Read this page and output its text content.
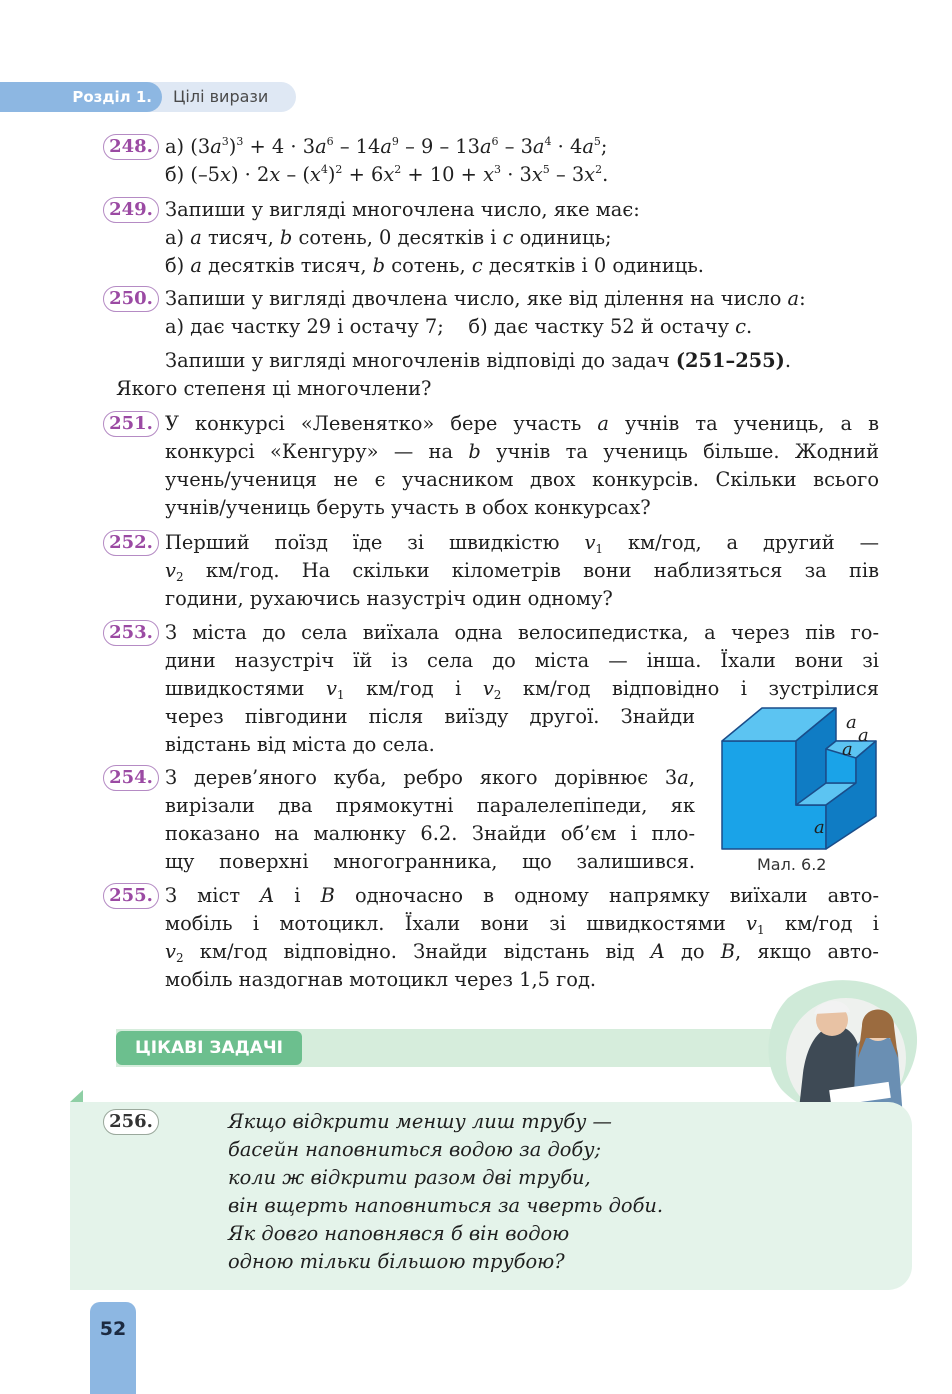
Розділ 1.	Цілі вирази
248. а) $(3a^3)^3 + 4 \cdot 3a^6 - 14a^9 - 9 - 13a^6 - 3a^4 \cdot 4a^5$;
б) $(-5x) \cdot 2x - (x^4)^2 + 6x^2 + 10 + x^3 \cdot 3x^5 - 3x^2$.
249. Запиши у вигляді многочлена число, яке має:
а) a тисяч, b сотень, 0 десятків і c одиниць;
б) a десятків тисяч, b сотень, c десятків і 0 одиниць.
250. Запиши у вигляді двочлена число, яке від ділення на число a:
а) дає частку 29 і остачу 7;    б) дає частку 52 й остачу c.
Запиши у вигляді многочленів відповіді до задач (251–255).
Якого степеня ці многочлени?
251. У конкурсі «Левенятко» бере участь a учнів та учениць, а в
конкурсі «Кенгуру» — на b учнів та учениць більше. Жодний
учень/учениця не є учасником двох конкурсів. Скільки всього
учнів/учениць беруть участь в обох конкурсах?
252. Перший поїзд їде зі швидкістю $v_1$ км/год, а другий —
$v_2$ км/год. На скільки кілометрів вони наблизяться за пів
години, рухаючись назустріч один одному?
253. З міста до села виїхала одна велосипедистка, а через пів го-
дини назустріч їй із села до міста — інша. Їхали вони зі
швидкостями $v_1$ км/год і $v_2$ км/год відповідно і зустрілися
через півгодини після виїзду другої. Знайди
відстань від міста до села.
254. З дерев’яного куба, ребро якого дорівнює 3a,
вирізали два прямокутні паралелепіпеди, як
показано на малюнку 6.2. Знайди об’єм і пло-
щу поверхні многогранника, що залишився.
a
a
a
a
Мал. 6.2
255. З міст A і B одночасно в одному напрямку виїхали авто-
мобіль і мотоцикл. Їхали вони зі швидкостями $v_1$ км/год і
$v_2$ км/год відповідно. Знайди відстань від A до B, якщо авто-
мобіль наздогнав мотоцикл через 1,5 год.
ЦІКАВІ ЗАДАЧІ
256.	Якщо відкрити меншу лиш трубу —
басейн наповниться водою за добу;
коли ж відкрити разом дві труби,
він вщерть наповниться за чверть доби.
Як довго наповнявся б він водою
одною тільки більшою трубою?
52
